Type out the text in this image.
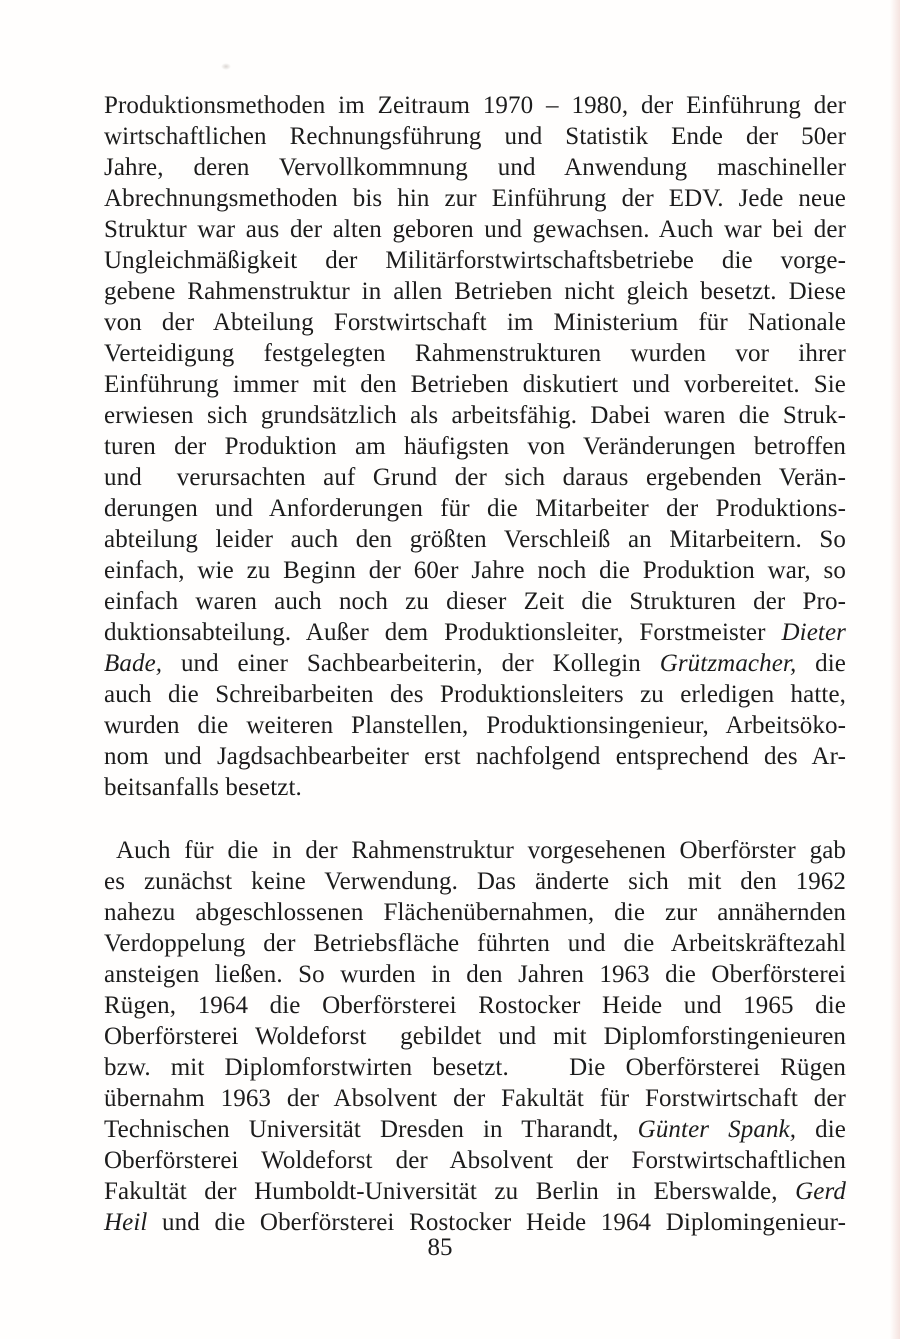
Produktionsmethoden im Zeitraum 1970 – 1980, der Einführung der
wirtschaftlichen Rechnungsführung und Statistik Ende der 50er
Jahre, deren Vervollkommnung und Anwendung maschineller
Abrechnungsmethoden bis hin zur Einführung der EDV. Jede neue
Struktur war aus der alten geboren und gewachsen. Auch war bei der
Ungleichmäßigkeit der Militärforstwirtschaftsbetriebe die vorge-
gebene Rahmenstruktur in allen Betrieben nicht gleich besetzt. Diese
von der Abteilung Forstwirtschaft im Ministerium für Nationale
Verteidigung festgelegten Rahmenstrukturen wurden vor ihrer
Einführung immer mit den Betrieben diskutiert und vorbereitet. Sie
erwiesen sich grundsätzlich als arbeitsfähig. Dabei waren die Struk-
turen der Produktion am häufigsten von Veränderungen betroffen
und  verursachten auf Grund der sich daraus ergebenden Verän-
derungen und Anforderungen für die Mitarbeiter der Produktions-
abteilung leider auch den größten Verschleiß an Mitarbeitern. So
einfach, wie zu Beginn der 60er Jahre noch die Produktion war, so
einfach waren auch noch zu dieser Zeit die Strukturen der Pro-
duktionsabteilung. Außer dem Produktionsleiter, Forstmeister Dieter
Bade, und einer Sachbearbeiterin, der Kollegin Grützmacher, die
auch die Schreibarbeiten des Produktionsleiters zu erledigen hatte,
wurden die weiteren Planstellen, Produktionsingenieur, Arbeitsöko-
nom und Jagdsachbearbeiter erst nachfolgend entsprechend des Ar-
beitsanfalls besetzt.
Auch für die in der Rahmenstruktur vorgesehenen Oberförster gab
es zunächst keine Verwendung. Das änderte sich mit den 1962
nahezu abgeschlossenen Flächenübernahmen, die zur annähernden
Verdoppelung der Betriebsfläche führten und die Arbeitskräftezahl
ansteigen ließen. So wurden in den Jahren 1963 die Oberförsterei
Rügen, 1964 die Oberförsterei Rostocker Heide und 1965 die
Oberförsterei Woldeforst  gebildet und mit Diplomforstingenieuren
bzw. mit Diplomforstwirten besetzt.   Die Oberförsterei Rügen
übernahm 1963 der Absolvent der Fakultät für Forstwirtschaft der
Technischen Universität Dresden in Tharandt, Günter Spank, die
Oberförsterei Woldeforst der Absolvent der Forstwirtschaftlichen
Fakultät der Humboldt-Universität zu Berlin in Eberswalde, Gerd
Heil und die Oberförsterei Rostocker Heide 1964 Diplomingenieur-
85
